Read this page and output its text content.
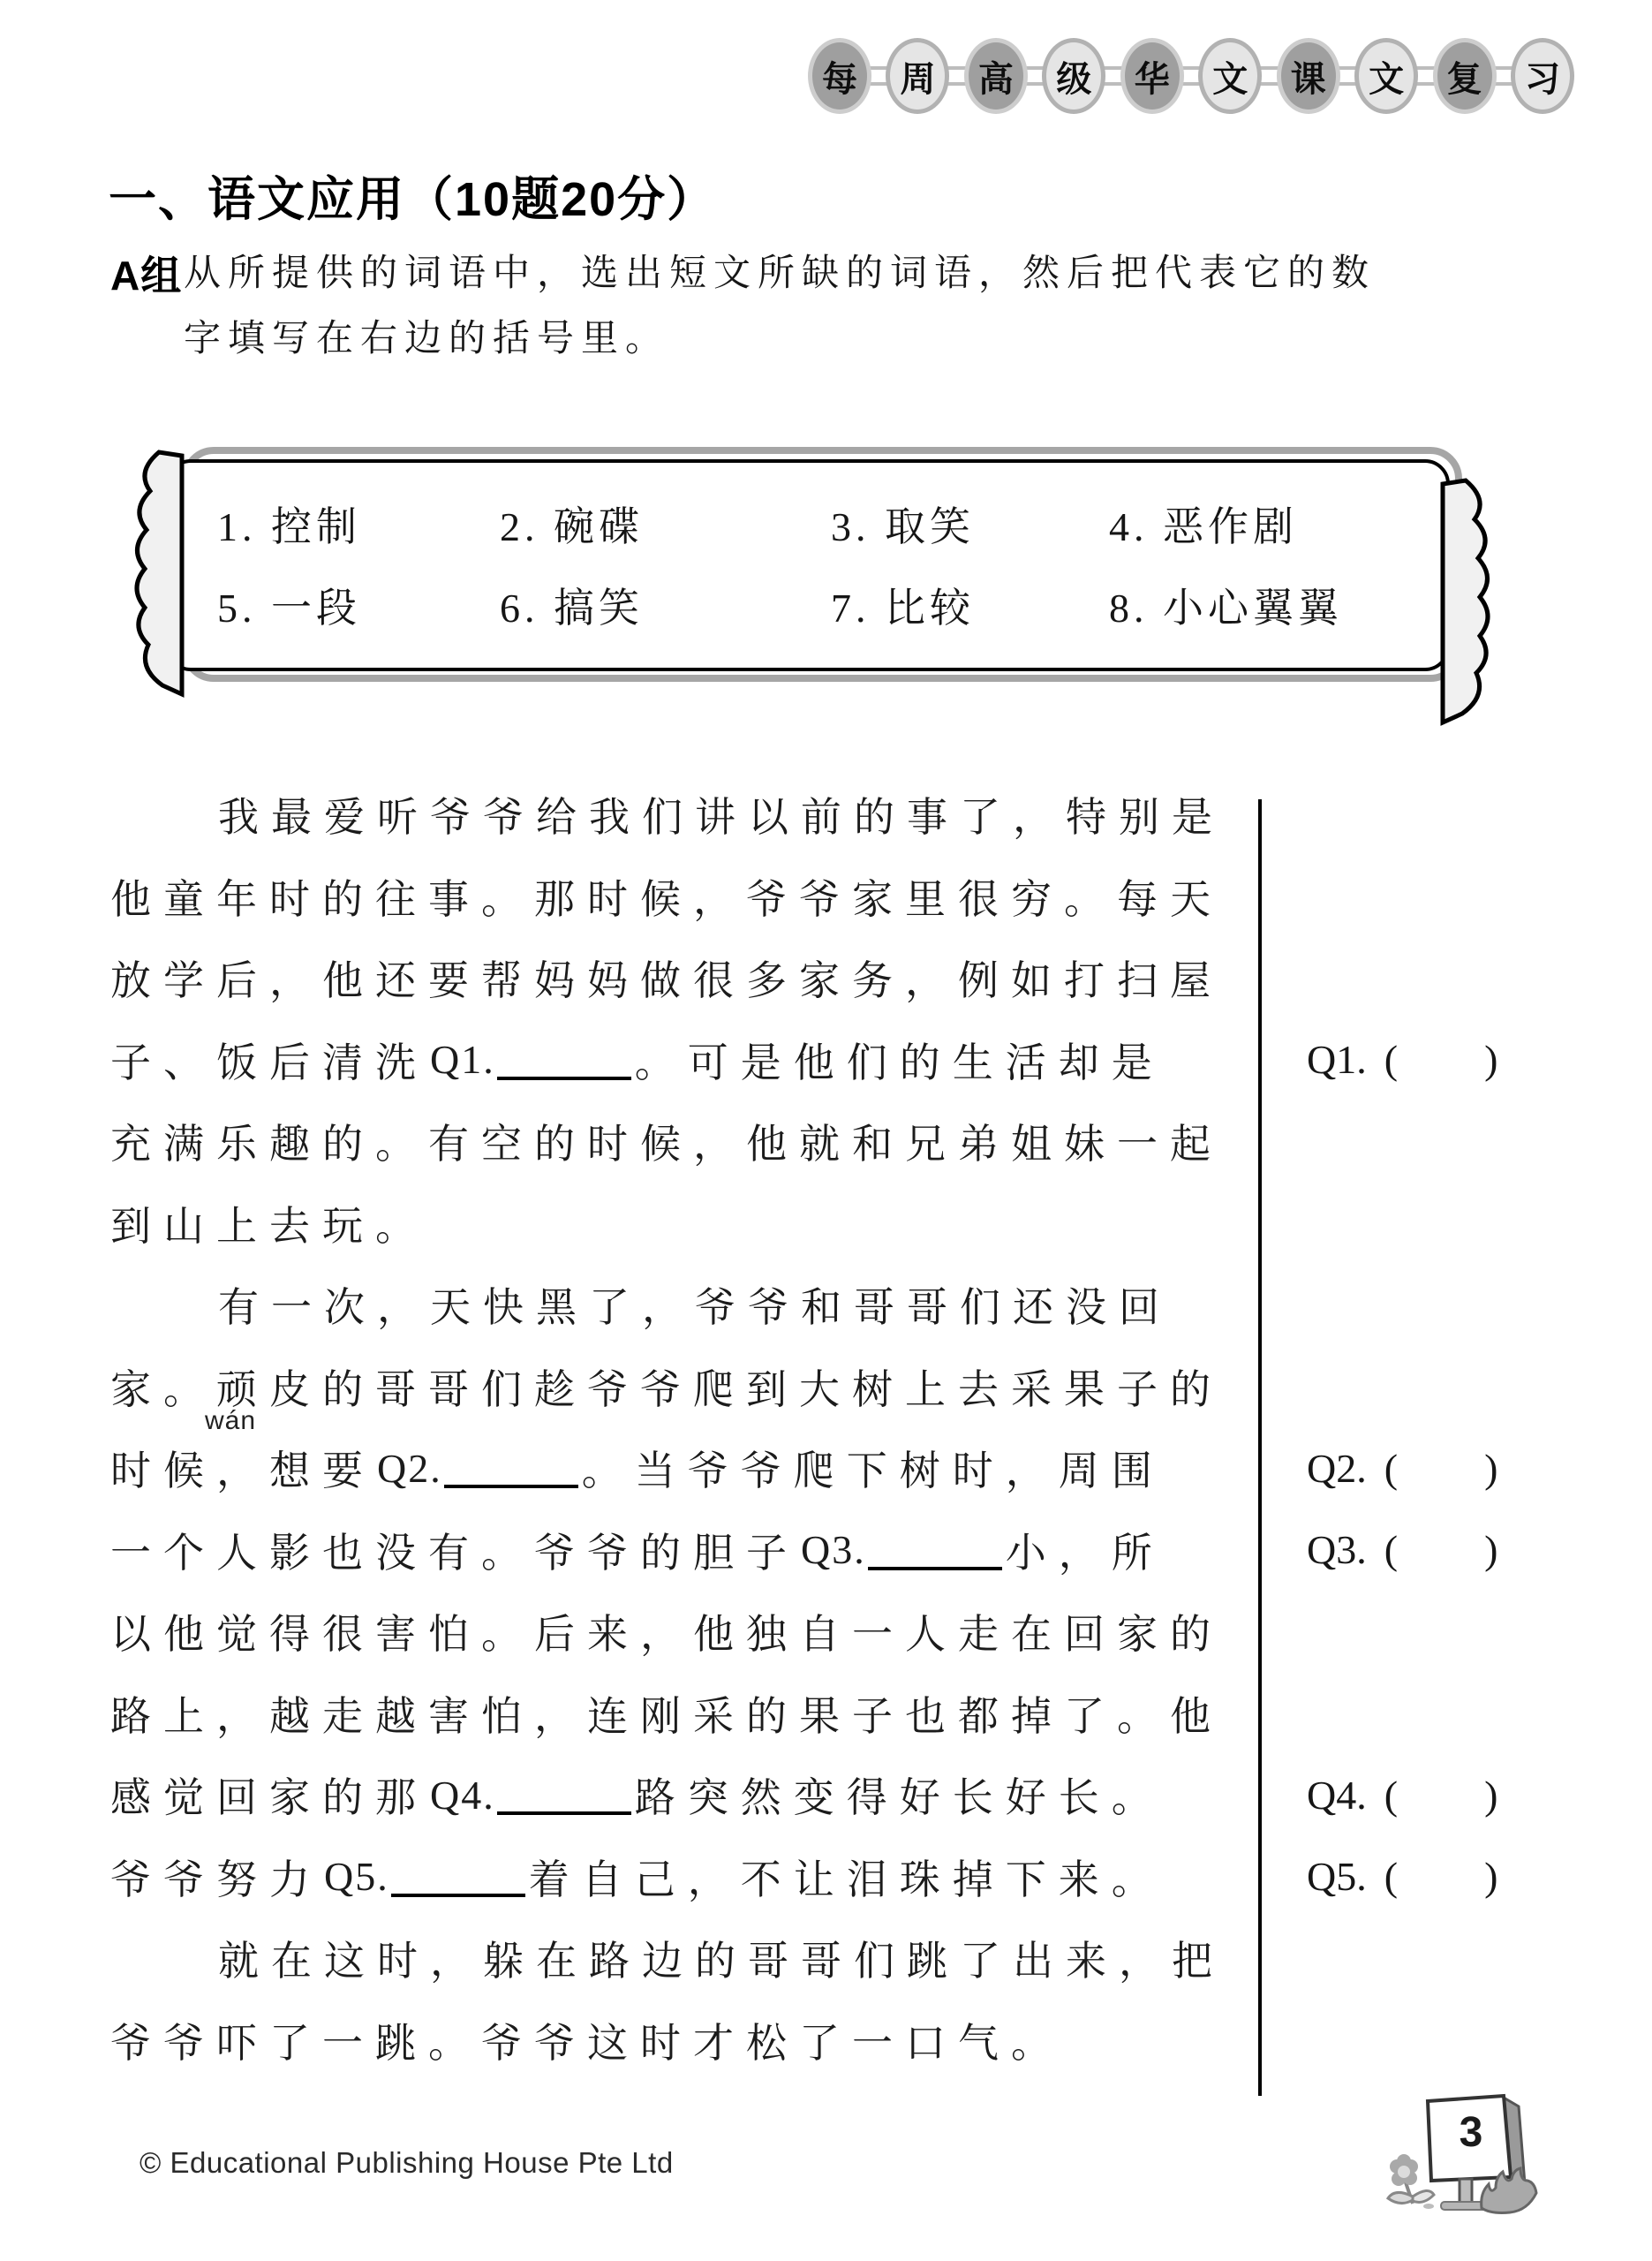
每	周	高	级	华	文	课	文	复	习
一、语文应用（10题20分）
A组 从所提供的词语中，选出短文所缺的词语，然后把代表它的数
字填写在右边的括号里。
1. 控制	2. 碗碟	3. 取笑	4. 恶作剧
5. 一段	6. 搞笑	7. 比较	8. 小心翼翼
我最爱听爷爷给我们讲以前的事了，特别是
他童年时的往事。那时候，爷爷家里很穷。每天
放学后，他还要帮妈妈做很多家务，例如打扫屋
子、饭后清洗 Q1.	。可是他们的生活却是
充满乐趣的。有空的时候，他就和兄弟姐妹一起
到山上去玩。
有一次，天快黑了，爷爷和哥哥们还没回
家。顽皮的哥哥们趁爷爷爬到大树上去采果子的
时候，想要 Q2.	。当爷爷爬下树时，周围
一个人影也没有。爷爷的胆子 Q3.	小，所
以他觉得很害怕。后来，他独自一人走在回家的
路上，越走越害怕，连刚采的果子也都掉了。他
感觉回家的那 Q4.	路突然变得好长好长。
爷爷努力 Q5.	着自己，不让泪珠掉下来。
就在这时，躲在路边的哥哥们跳了出来，把
爷爷吓了一跳。爷爷这时才松了一口气。
wán
Q1. ( )
Q2. ( )
Q3. ( )
Q4. ( )
Q5. ( )
© Educational Publishing House Pte Ltd
3
